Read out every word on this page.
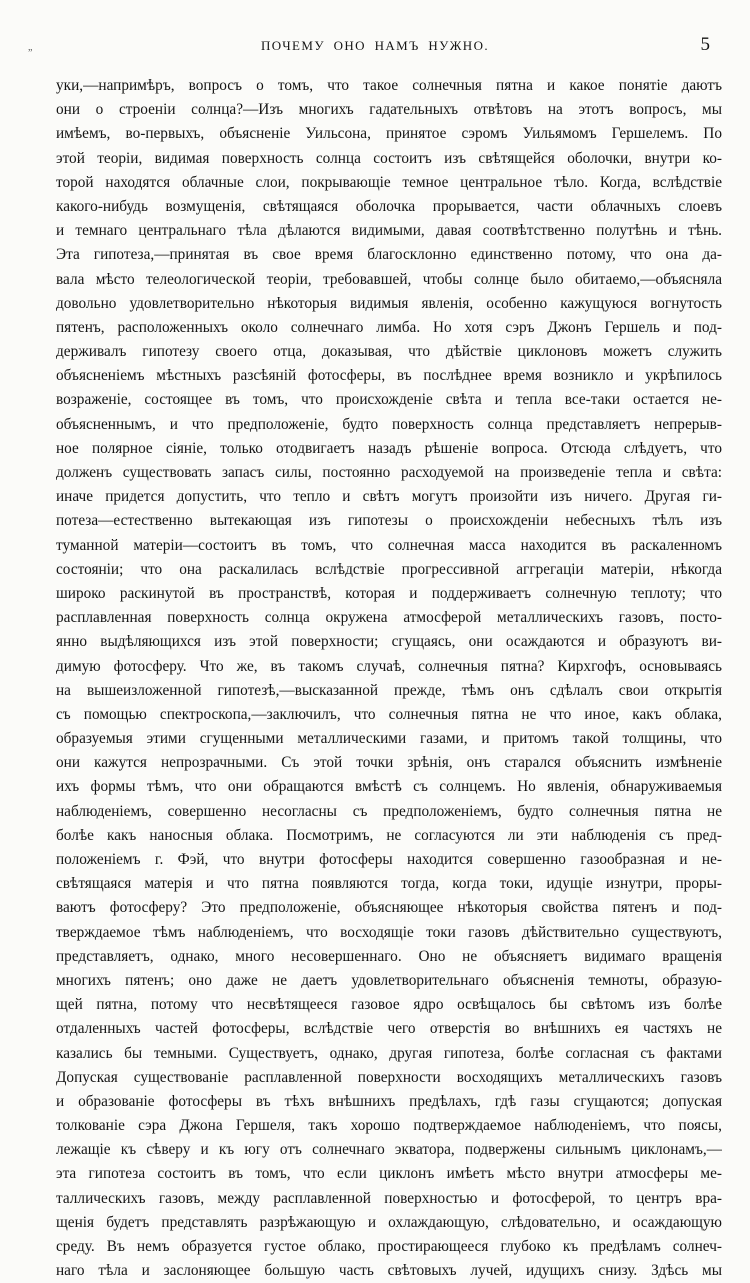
„	ПОЧЕМУ ОНО НАМЪ НУЖНО.	5
уки,—напримѣръ, вопросъ о томъ, что такое солнечныя пятна и какое понятіе даютъ
они о строеніи солнца?—Изъ многихъ гадательныхъ отвѣтовъ на этотъ вопросъ, мы
имѣемъ, во-первыхъ, объясненіе Уильсона, принятое сэромъ Уильямомъ Гершелемъ. По
этой теоріи, видимая поверхность солнца состоитъ изъ свѣтящейся оболочки, внутри ко-
торой находятся облачные слои, покрывающіе темное центральное тѣло. Когда, вслѣдствіе
какого-нибудь возмущенія, свѣтящаяся оболочка прорывается, части облачныхъ слоевъ
и темнаго центральнаго тѣла дѣлаются видимыми, давая соотвѣтственно полутѣнь и тѣнь.
Эта гипотеза,—принятая въ свое время благосклонно единственно потому, что она да-
вала мѣсто телеологической теоріи, требовавшей, чтобы солнце было обитаемо,—объясняла
довольно удовлетворительно нѣкоторыя видимыя явленія, особенно кажущуюся вогнутость
пятенъ, расположенныхъ около солнечнаго лимба. Но хотя сэръ Джонъ Гершель и под-
держивалъ гипотезу своего отца, доказывая, что дѣйствіе циклоновъ можетъ служить
объясненіемъ мѣстныхъ разсѣяній фотосферы, въ послѣднее время возникло и укрѣпилось
возраженіе, состоящее въ томъ, что происхожденіе свѣта и тепла все-таки остается не-
объясненнымъ, и что предположеніе, будто поверхность солнца представляетъ непрерыв-
ное полярное сіяніе, только отодвигаетъ назадъ рѣшеніе вопроса. Отсюда слѣдуетъ, что
долженъ существовать запасъ силы, постоянно расходуемой на произведеніе тепла и свѣта:
иначе придется допустить, что тепло и свѣтъ могутъ произойти изъ ничего. Другая ги-
потеза—естественно вытекающая изъ гипотезы о происхожденіи небесныхъ тѣлъ изъ
туманной матеріи—состоитъ въ томъ, что солнечная масса находится въ раскаленномъ
состояніи; что она раскалилась вслѣдствіе прогрессивной аггрегаціи матеріи, нѣкогда
широко раскинутой въ пространствѣ, которая и поддерживаетъ солнечную теплоту; что
расплавленная поверхность солнца окружена атмосферой металлическихъ газовъ, посто-
янно выдѣляющихся изъ этой поверхности; сгущаясь, они осаждаются и образуютъ ви-
димую фотосферу. Что же, въ такомъ случаѣ, солнечныя пятна? Кирхгофъ, основываясь
на вышеизложенной гипотезѣ,—высказанной прежде, тѣмъ онъ сдѣлалъ свои открытія
съ помощью спектроскопа,—заключилъ, что солнечныя пятна не что иное, какъ облака,
образуемыя этими сгущенными металлическими газами, и притомъ такой толщины, что
они кажутся непрозрачными. Съ этой точки зрѣнія, онъ старался объяснить измѣненіе
ихъ формы тѣмъ, что они обращаются вмѣстѣ съ солнцемъ. Но явленія, обнаруживаемыя
наблюденіемъ, совершенно несогласны съ предположеніемъ, будто солнечныя пятна не
болѣе какъ наносныя облака. Посмотримъ, не согласуются ли эти наблюденія съ пред-
положеніемъ г. Фэй, что внутри фотосферы находится совершенно газообразная и не-
свѣтящаяся матерія и что пятна появляются тогда, когда токи, идущіе изнутри, проры-
ваютъ фотосферу? Это предположеніе, объясняющее нѣкоторыя свойства пятенъ и под-
тверждаемое тѣмъ наблюденіемъ, что восходящіе токи газовъ дѣйствительно существуютъ,
представляетъ, однако, много несовершеннаго. Оно не объясняетъ видимаго вращенія
многихъ пятенъ; оно даже не даетъ удовлетворительнаго объясненія темноты, образую-
щей пятна, потому что несвѣтящееся газовое ядро освѣщалось бы свѣтомъ изъ болѣе
отдаленныхъ частей фотосферы, вслѣдствіе чего отверстія во внѣшнихъ ея частяхъ не
казались бы темными. Существуетъ, однако, другая гипотеза, болѣе согласная съ фактами
Допуская существованіе расплавленной поверхности восходящихъ металлическихъ газовъ
и образованіе фотосферы въ тѣхъ внѣшнихъ предѣлахъ, гдѣ газы сгущаются; допуская
толкованіе сэра Джона Гершеля, такъ хорошо подтверждаемое наблюденіемъ, что поясы,
лежащіе къ сѣверу и къ югу отъ солнечнаго экватора, подвержены сильнымъ циклонамъ,—
эта гипотеза состоитъ въ томъ, что если циклонъ имѣетъ мѣсто внутри атмосферы ме-
таллическихъ газовъ, между расплавленной поверхностью и фотосферой, то центръ вра-
щенія будетъ представлять разрѣжающую и охлаждающую, слѣдовательно, и осаждающую
среду. Въ немъ образуется густое облако, простирающееся глубоко къ предѣламъ солнеч-
наго тѣла и заслоняющее большую часть свѣтовыхъ лучей, идущихъ снизу. Здѣсь мы
